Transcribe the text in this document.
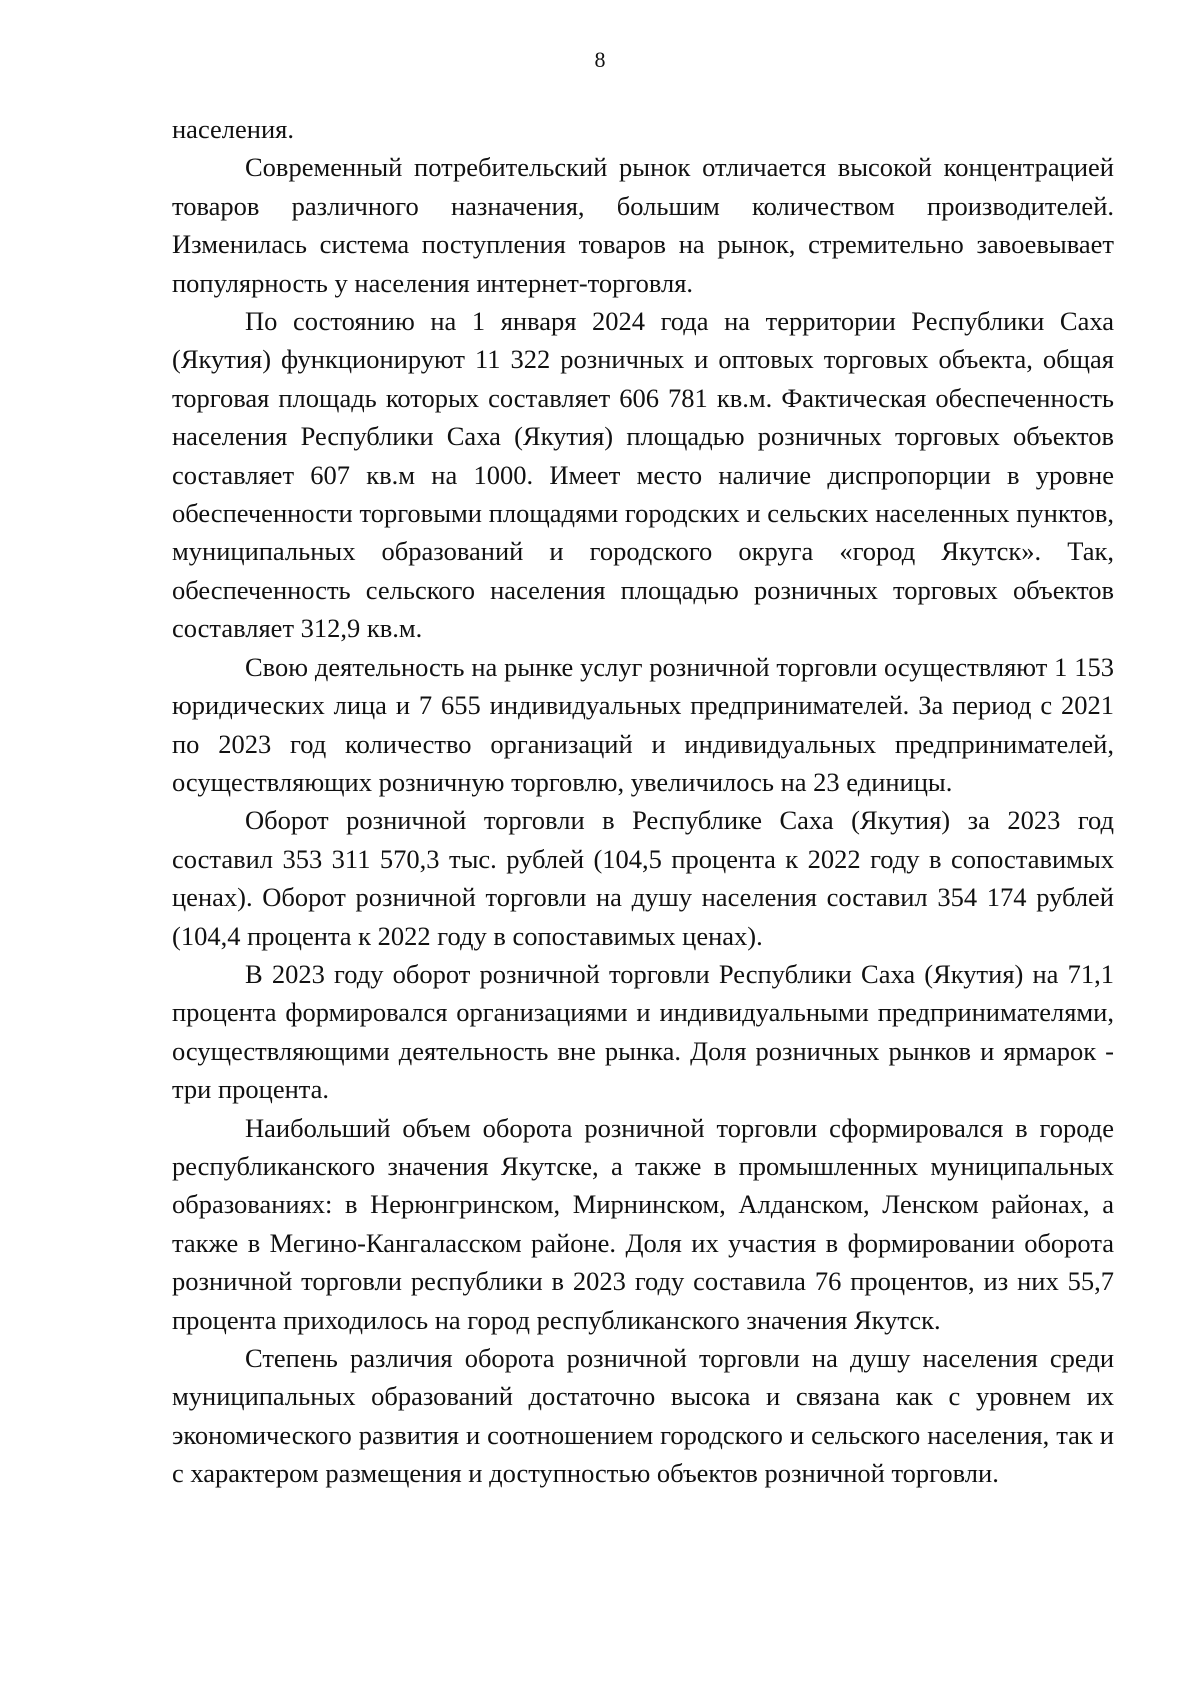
8

населения.

Современный потребительский рынок отличается высокой концентрацией товаров различного назначения, большим количеством производителей. Изменилась система поступления товаров на рынок, стремительно завоевывает популярность у населения интернет-торговля.

По состоянию на 1 января 2024 года на территории Республики Саха (Якутия) функционируют 11 322 розничных и оптовых торговых объекта, общая торговая площадь которых составляет 606 781 кв.м. Фактическая обеспеченность населения Республики Саха (Якутия) площадью розничных торговых объектов составляет 607 кв.м на 1000. Имеет место наличие диспропорции в уровне обеспеченности торговыми площадями городских и сельских населенных пунктов, муниципальных образований и городского округа «город Якутск». Так, обеспеченность сельского населения площадью розничных торговых объектов составляет 312,9 кв.м.

Свою деятельность на рынке услуг розничной торговли осуществляют 1 153 юридических лица и 7 655 индивидуальных предпринимателей. За период с 2021 по 2023 год количество организаций и индивидуальных предпринимателей, осуществляющих розничную торговлю, увеличилось на 23 единицы.

Оборот розничной торговли в Республике Саха (Якутия) за 2023 год составил 353 311 570,3 тыс. рублей (104,5 процента к 2022 году в сопоставимых ценах). Оборот розничной торговли на душу населения составил 354 174 рублей (104,4 процента к 2022 году в сопоставимых ценах).

В 2023 году оборот розничной торговли Республики Саха (Якутия) на 71,1 процента формировался организациями и индивидуальными предпринимателями, осуществляющими деятельность вне рынка. Доля розничных рынков и ярмарок - три процента.

Наибольший объем оборота розничной торговли сформировался в городе республиканского значения Якутске, а также в промышленных муниципальных образованиях: в Нерюнгринском, Мирнинском, Алданском, Ленском районах, а также в Мегино-Кангаласском районе. Доля их участия в формировании оборота розничной торговли республики в 2023 году составила 76 процентов, из них 55,7 процента приходилось на город республиканского значения Якутск.

Степень различия оборота розничной торговли на душу населения среди муниципальных образований достаточно высока и связана как с уровнем их экономического развития и соотношением городского и сельского населения, так и с характером размещения и доступностью объектов розничной торговли.
